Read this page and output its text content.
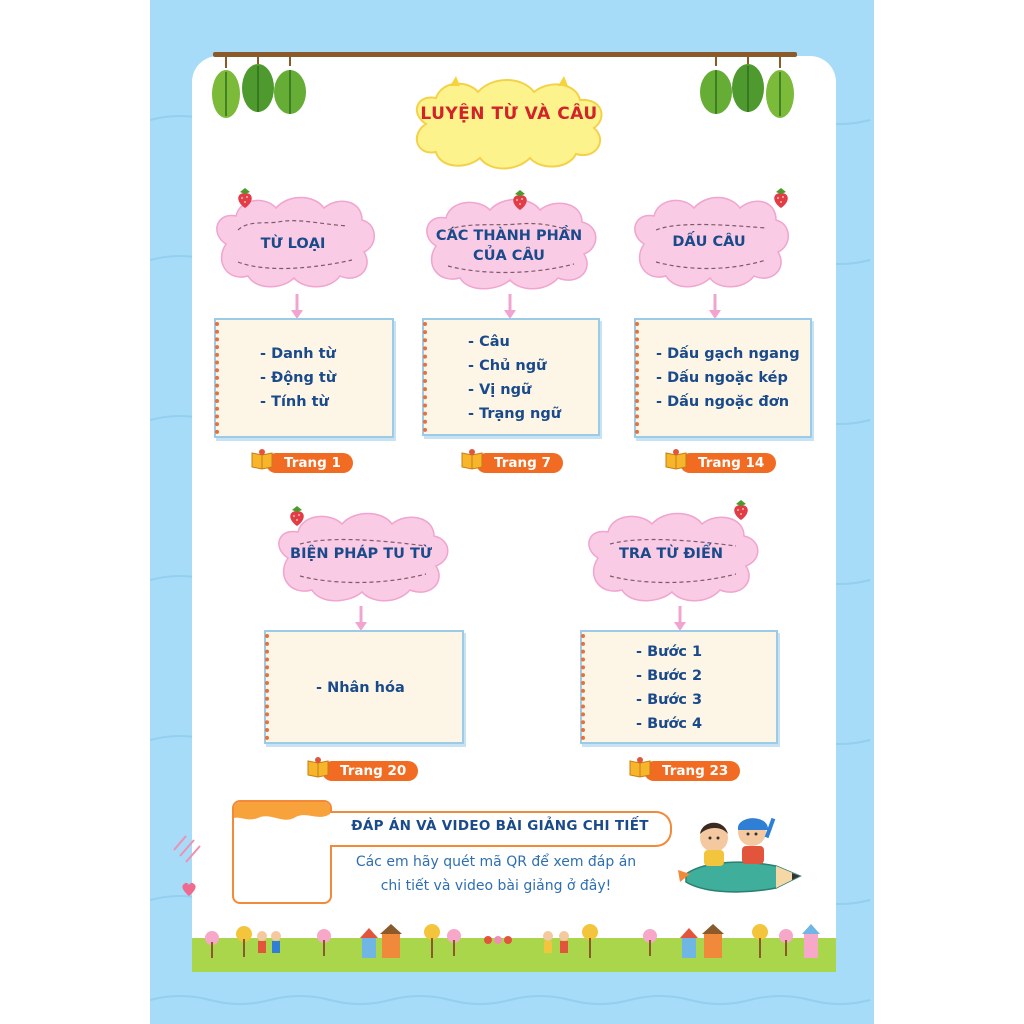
LUYỆN TỪ VÀ CÂU
TỪ LOẠI
- Danh từ
- Động từ
- Tính từ
Trang 1
CÁC THÀNH PHẦN
CỦA CÂU
- Câu
- Chủ ngữ
- Vị ngữ
- Trạng ngữ
Trang 7
DẤU CÂU
- Dấu gạch ngang
- Dấu ngoặc kép
- Dấu ngoặc đơn
Trang 14
BIỆN PHÁP TU TỪ
- Nhân hóa
Trang 20
TRA TỪ ĐIỂN
- Bước 1
- Bước 2
- Bước 3
- Bước 4
Trang 23
ĐÁP ÁN VÀ VIDEO BÀI GIẢNG CHI TIẾT
Các em hãy quét mã QR để xem đáp án
chi tiết và video bài giảng ở đây!
